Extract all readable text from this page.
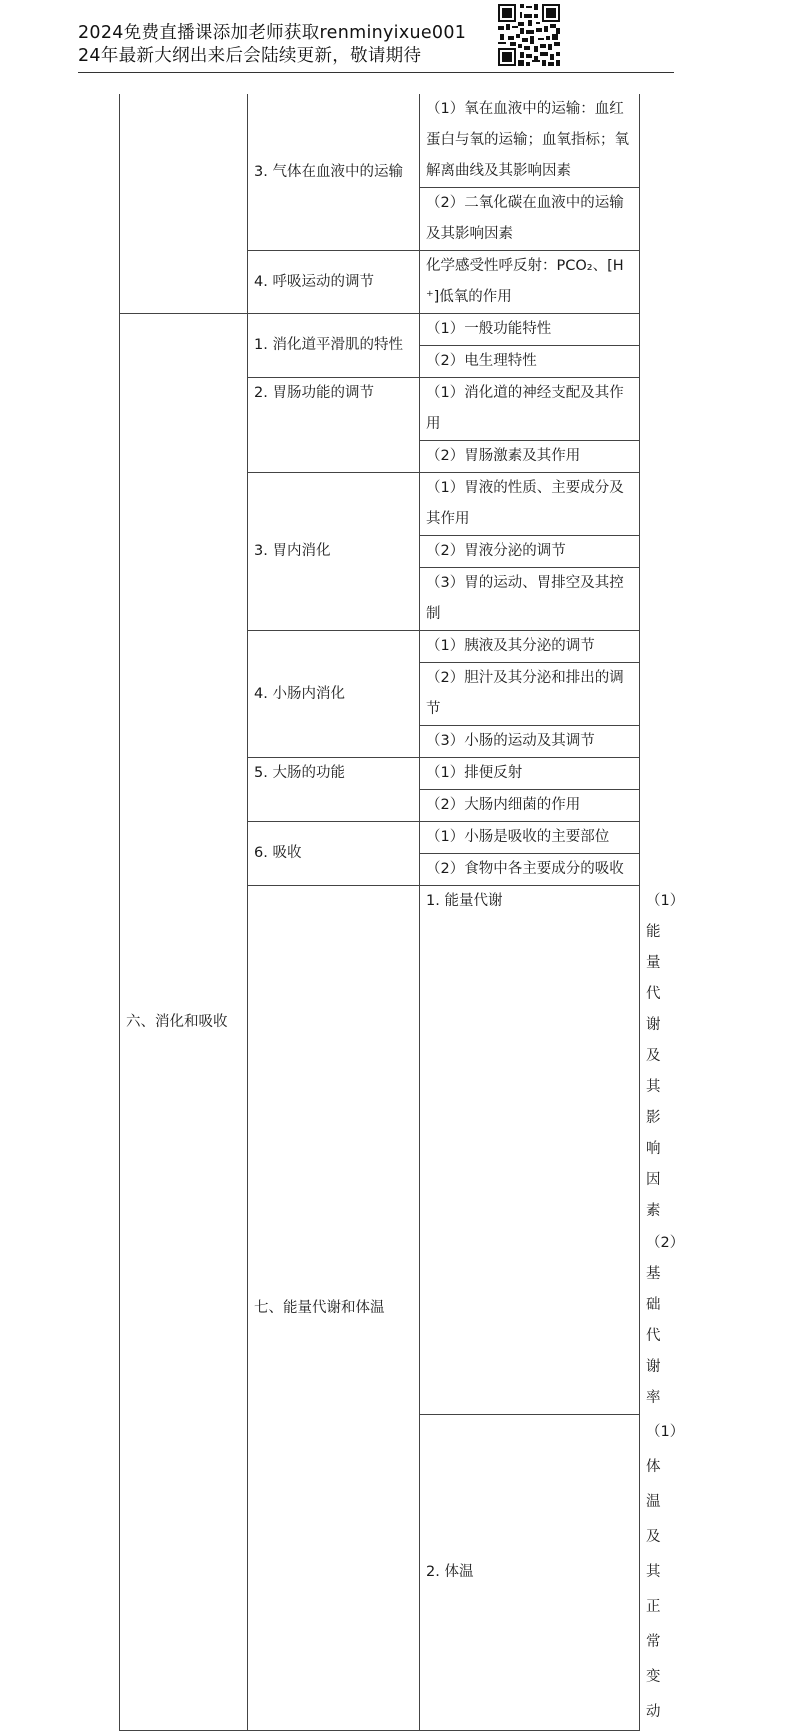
2024免费直播课添加老师获取renminyixue001
24年最新大纲出来后会陆续更新，敬请期待
	3. 气体在血液中的运输	（1）氧在血液中的运输：血红蛋白与氧的运输；血氧指标；氧解离曲线及其影响因素	
		（2）二氧化碳在血液中的运输及其影响因素	
	4. 呼吸运动的调节	化学感受性呼反射：PCO₂、[H⁺]低氧的作用	

六、消化和吸收	1. 消化道平滑肌的特性	（1）一般功能特性	
		（2）电生理特性	
	2. 胃肠功能的调节	（1）消化道的神经支配及其作用	
		（2）胃肠激素及其作用	
	3. 胃内消化	（1）胃液的性质、主要成分及其作用	
		（2）胃液分泌的调节	
		（3）胃的运动、胃排空及其控制	
	4. 小肠内消化	（1）胰液及其分泌的调节	
		（2）胆汁及其分泌和排出的调节	
		（3）小肠的运动及其调节	
	5. 大肠的功能	（1）排便反射	
		（2）大肠内细菌的作用	
	6. 吸收	（1）小肠是吸收的主要部位	
		（2）食物中各主要成分的吸收	
	七、能量代谢和体温	1. 能量代谢	（1）能量代谢及其影响因素
			（2）基础代谢率
		2. 体温	（1）体温及其正常变动
